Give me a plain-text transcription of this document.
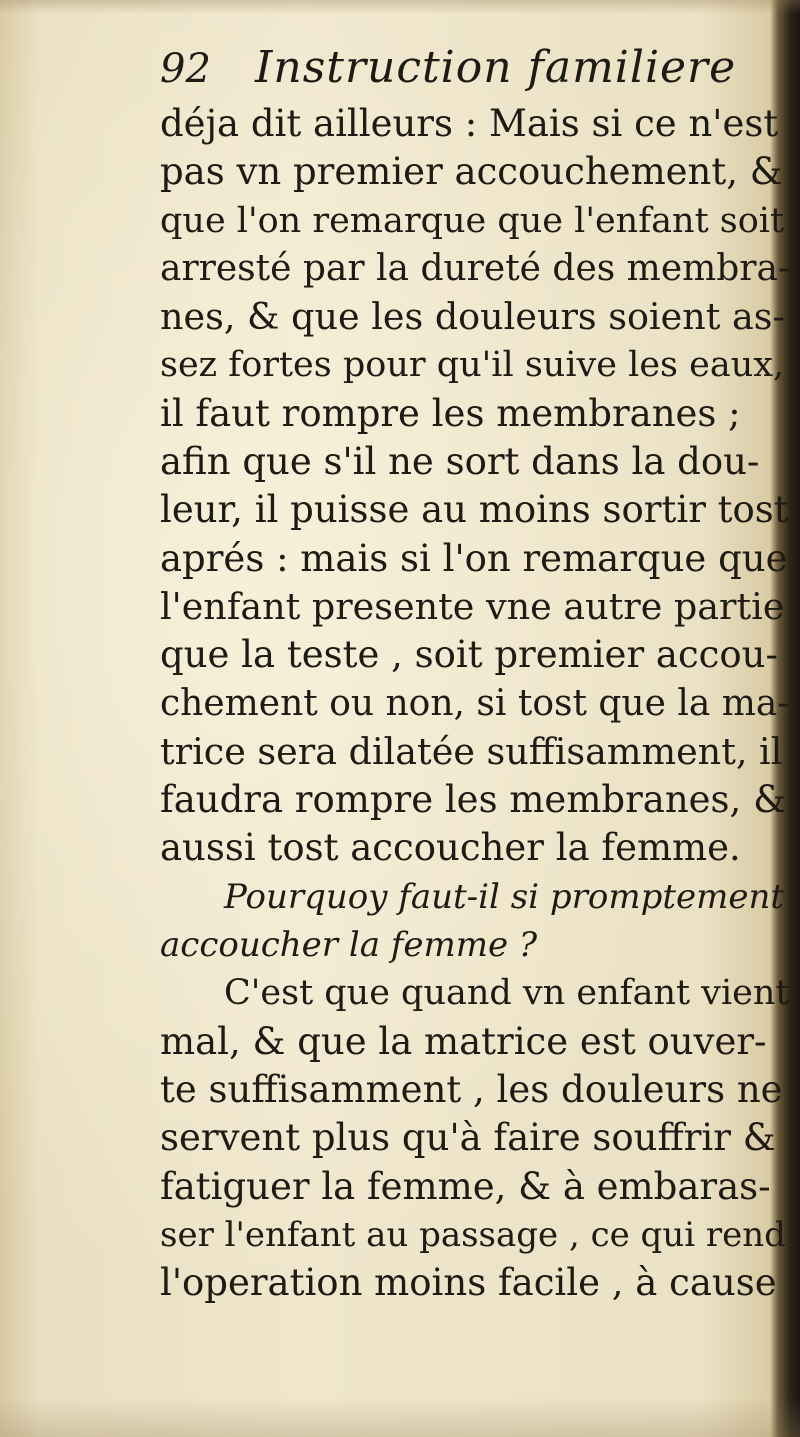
92 Instruction familiere
déja dit ailleurs : Mais si ce n'est
pas vn premier accouchement, &
que l'on remarque que l'enfant soit
arresté par la dureté des membra-
nes, & que les douleurs soient as-
sez fortes pour qu'il suive les eaux,
il faut rompre les membranes ;
afin que s'il ne sort dans la dou-
leur, il puisse au moins sortir tost
aprés : mais si l'on remarque que
l'enfant presente vne autre partie
que la teste , soit premier accou-
chement ou non, si tost que la ma-
trice sera dilatée suffisamment, il
faudra rompre les membranes, &
aussi tost accoucher la femme.
Pourquoy faut-il si promptement
accoucher la femme ?
C'est que quand vn enfant vient
mal, & que la matrice est ouver-
te suffisamment , les douleurs ne
servent plus qu'à faire souffrir &
fatiguer la femme, & à embaras-
ser l'enfant au passage , ce qui rend
l'operation moins facile , à cause
